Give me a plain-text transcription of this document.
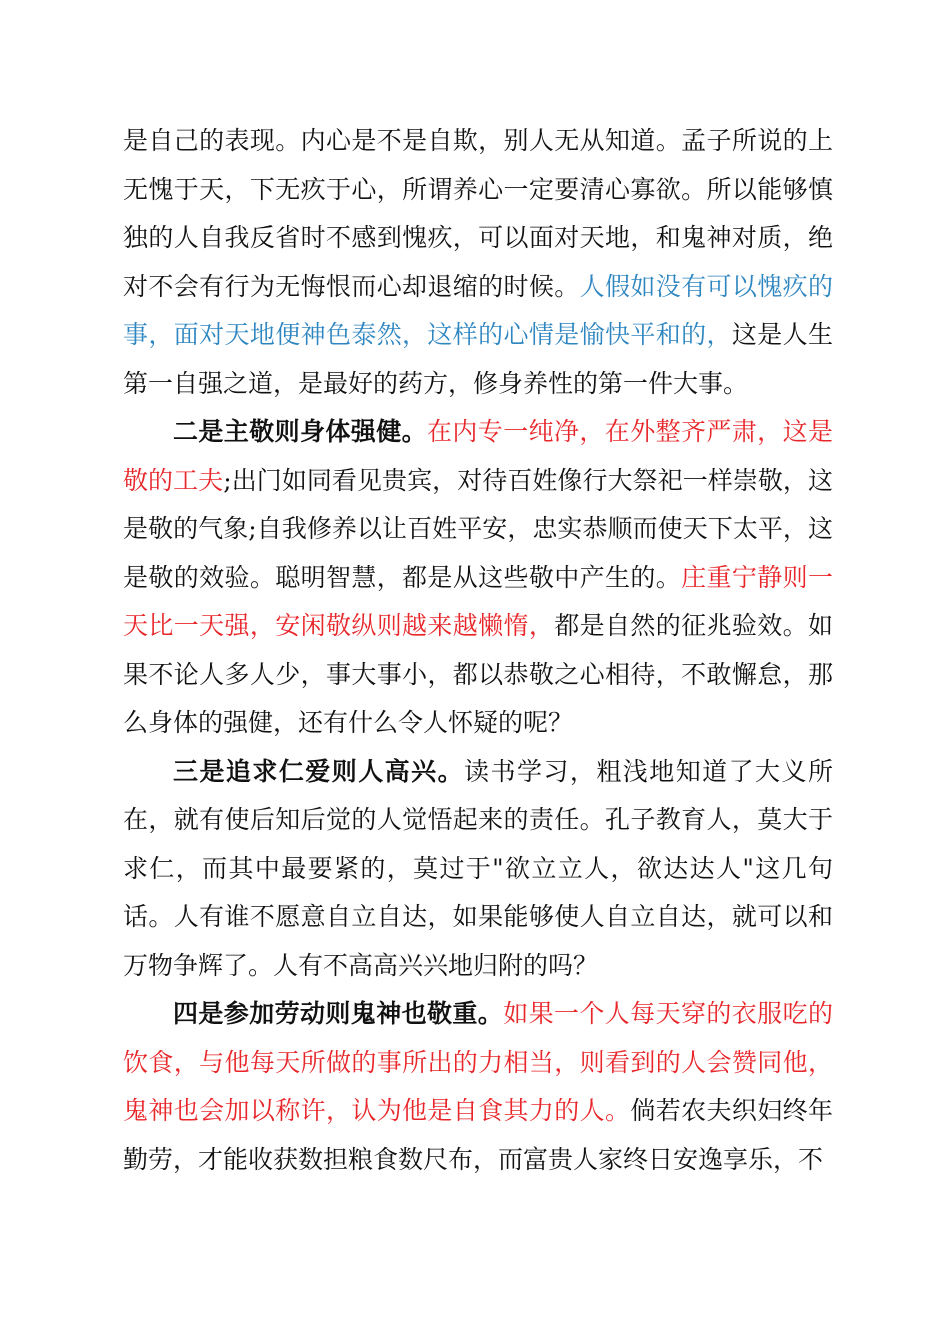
是自己的表现。内心是不是自欺，别人无从知道。孟子所说的上无愧于天，下无疚于心，所谓养心一定要清心寡欲。所以能够慎独的人自我反省时不感到愧疚，可以面对天地，和鬼神对质，绝对不会有行为无悔恨而心却退缩的时候。人假如没有可以愧疚的事，面对天地便神色泰然，这样的心情是愉快平和的，这是人生第一自强之道，是最好的药方，修身养性的第一件大事。

二是主敬则身体强健。在内专一纯净，在外整齐严肃，这是敬的工夫;出门如同看见贵宾，对待百姓像行大祭祀一样崇敬，这是敬的气象;自我修养以让百姓平安，忠实恭顺而使天下太平，这是敬的效验。聪明智慧，都是从这些敬中产生的。庄重宁静则一天比一天强，安闲敬纵则越来越懒惰，都是自然的征兆验效。如果不论人多人少，事大事小，都以恭敬之心相待，不敢懈怠，那么身体的强健，还有什么令人怀疑的呢？

三是追求仁爱则人高兴。读书学习，粗浅地知道了大义所在，就有使后知后觉的人觉悟起来的责任。孔子教育人，莫大于求仁，而其中最要紧的，莫过于"欲立立人，欲达达人"这几句话。人有谁不愿意自立自达，如果能够使人自立自达，就可以和万物争辉了。人有不高高兴兴地归附的吗？

四是参加劳动则鬼神也敬重。如果一个人每天穿的衣服吃的饮食，与他每天所做的事所出的力相当，则看到的人会赞同他，鬼神也会加以称许，认为他是自食其力的人。倘若农夫织妇终年勤劳，才能收获数担粮食数尺布，而富贵人家终日安逸享乐，不
